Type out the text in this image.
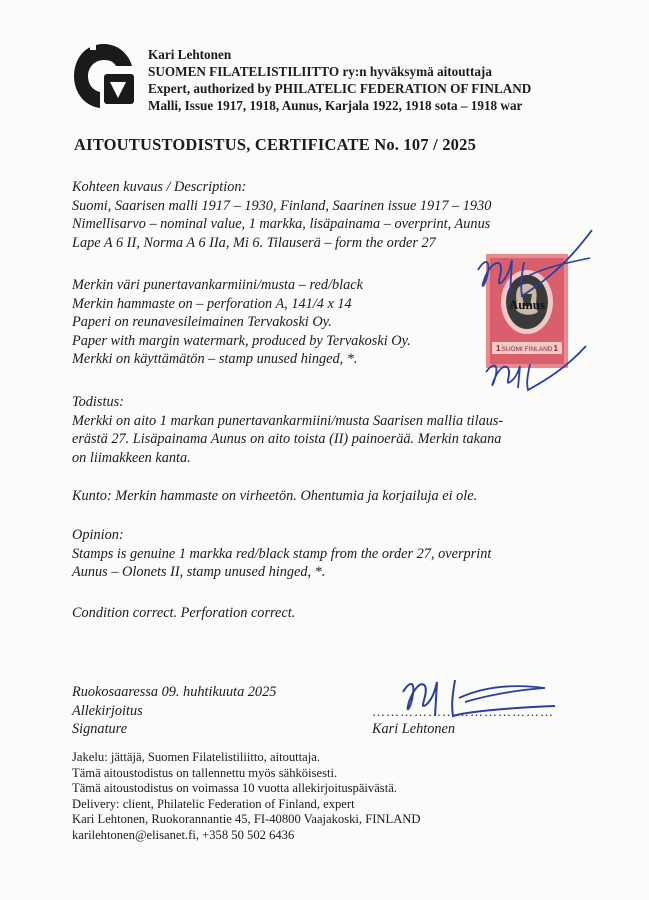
Kari Lehtonen
SUOMEN FILATELISTILIITTO ry:n hyväksymä aitouttaja
Expert, authorized by PHILATELIC FEDERATION OF FINLAND
Malli, Issue 1917, 1918, Aunus, Karjala 1922, 1918 sota – 1918 war
AITOUTUSTODISTUS, CERTIFICATE No. 107 / 2025
Kohteen kuvaus / Description:
Suomi, Saarisen malli 1917 – 1930, Finland, Saarinen issue 1917 – 1930
Nimellisarvo – nominal value, 1 markka, lisäpainama – overprint, Aunus
Lape A 6 II, Norma A 6 IIa, Mi 6. Tilauserä – form the order 27
Merkin väri punertavankarmiini/musta – red/black
Merkin hammaste on – perforation A, 141/4 x 14
Paperi on reunavesileimainen Tervakoski Oy.
Paper with margin watermark, produced by Tervakoski Oy.
Merkki on käyttämätön – stamp unused hinged, *.
Todistus:
Merkki on aito 1 markan punertavankarmiini/musta Saarisen mallia tilaus-
erästä 27. Lisäpainama Aunus on aito toista (II) painoerää. Merkin takana
on liimakkeen kanta.
Kunto: Merkin hammaste on virheetön. Ohentumia ja korjailuja ei ole.
Opinion:
Stamps is genuine 1 markka red/black stamp from the order 27, overprint
Aunus – Olonets II, stamp unused hinged, *.
Condition correct. Perforation correct.
Ruokosaaressa 09. huhtikuuta 2025
Allekirjoitus
Signature
…………………………………
Kari Lehtonen
Aunus
SUOMI FINLAND
1	1
Jakelu: jättäjä, Suomen Filatelistiliitto, aitouttaja.
Tämä aitoustodistus on tallennettu myös sähköisesti.
Tämä aitoustodistus on voimassa 10 vuotta allekirjoituspäivästä.
Delivery: client, Philatelic Federation of Finland, expert
Kari Lehtonen, Ruokorannantie 45, FI-40800 Vaajakoski, FINLAND
karilehtonen@elisanet.fi, +358 50 502 6436
